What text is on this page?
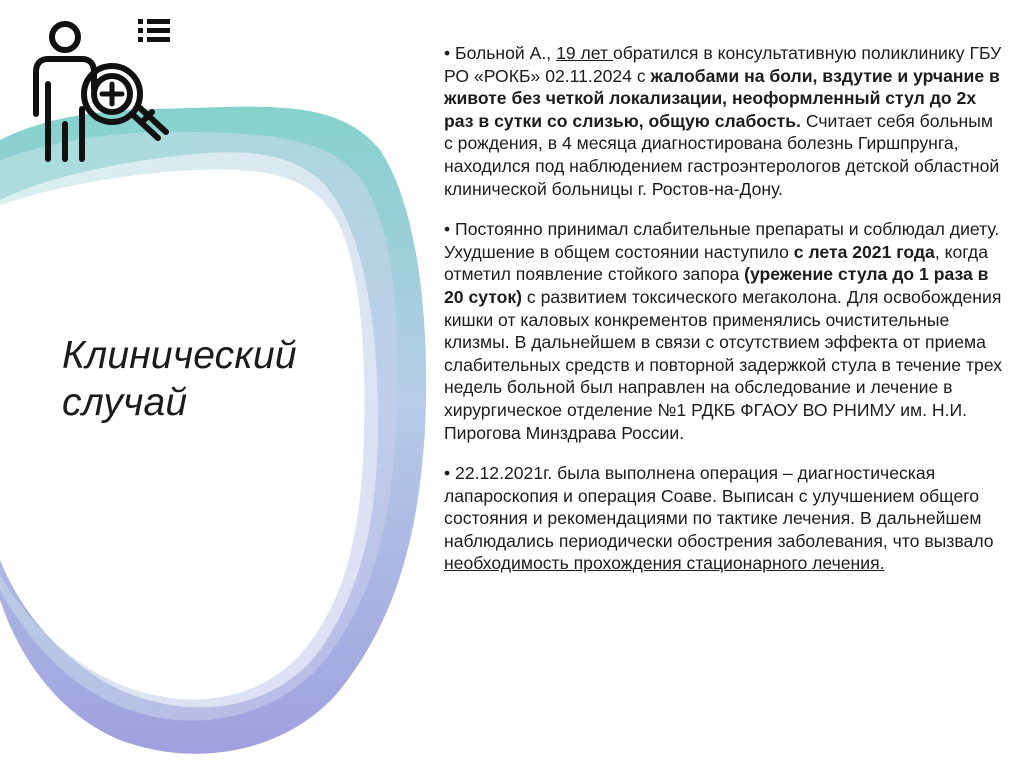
Клинический
случай

• Больной А., 19 лет обратился в консультативную поликлинику ГБУ РО «РОКБ» 02.11.2024 с жалобами на боли, вздутие и урчание в животе без четкой локализации, неоформленный стул до 2х раз в сутки со слизью, общую слабость. Считает себя больным с рождения, в 4 месяца диагностирована болезнь Гиршпрунга, находился под наблюдением гастроэнтерологов детской областной клинической больницы г. Ростов-на-Дону.

• Постоянно принимал слабительные препараты и соблюдал диету. Ухудшение в общем состоянии наступило с лета 2021 года, когда отметил появление стойкого запора (урежение стула до 1 раза в 20 суток) с развитием токсического мегаколона. Для освобождения кишки от каловых конкрементов применялись очистительные клизмы. В дальнейшем в связи с отсутствием эффекта от приема слабительных средств и повторной задержкой стула в течение трех недель больной был направлен на обследование и лечение в хирургическое отделение №1 РДКБ ФГАОУ ВО РНИМУ им. Н.И. Пирогова Минздрава России.

• 22.12.2021г. была выполнена операция – диагностическая лапароскопия и операция Соаве. Выписан с улучшением общего состояния и рекомендациями по тактике лечения. В дальнейшем наблюдались периодически обострения заболевания, что вызвало необходимость прохождения стационарного лечения.
